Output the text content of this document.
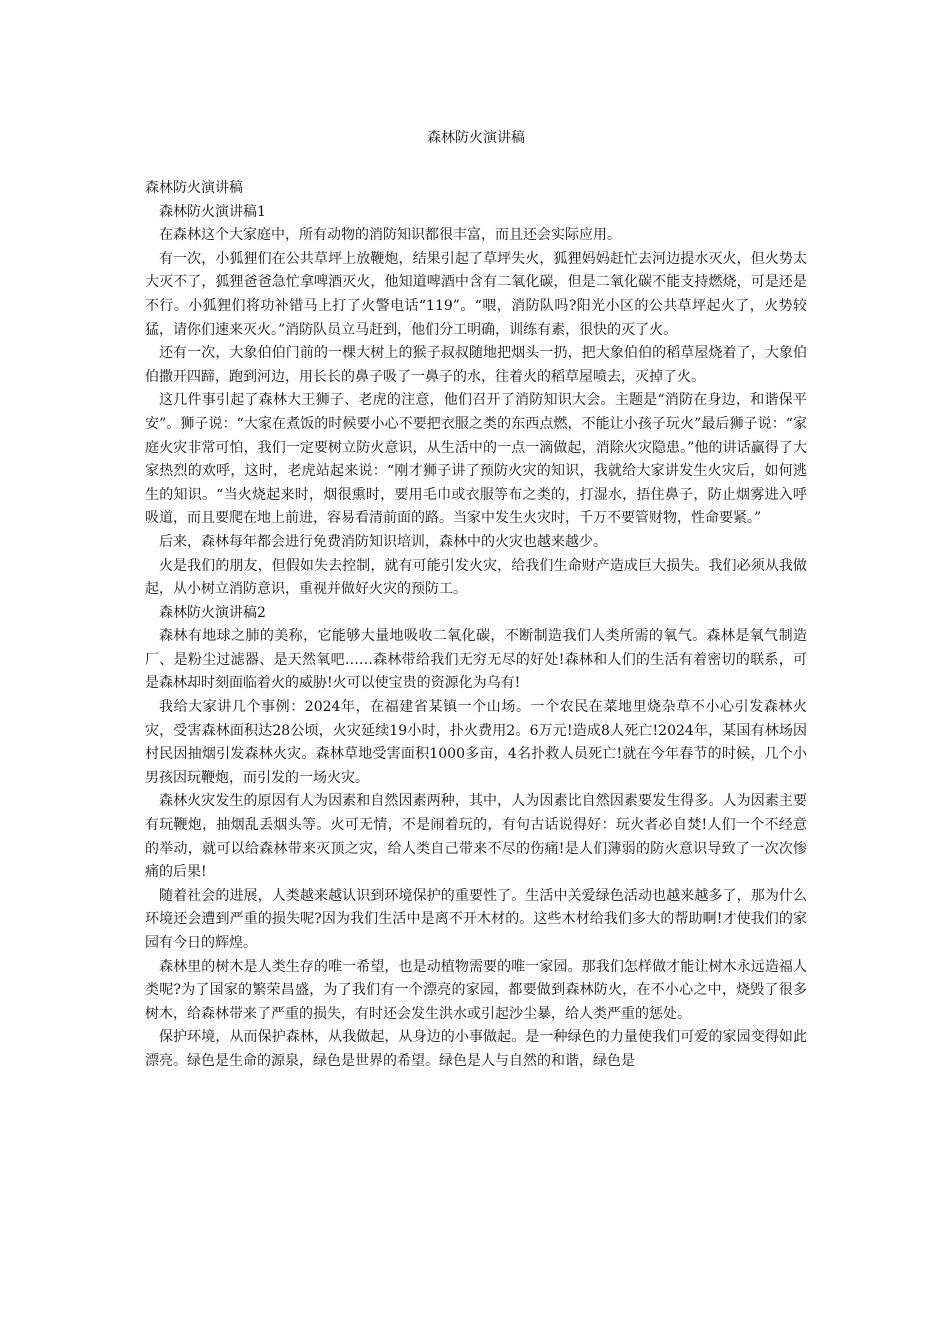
森林防火演讲稿

森林防火演讲稿

森林防火演讲稿1

在森林这个大家庭中，所有动物的消防知识都很丰富，而且还会实际应用。

有一次，小狐狸们在公共草坪上放鞭炮，结果引起了草坪失火，狐狸妈妈赶忙去河边提水灭火，但火势太大灭不了，狐狸爸爸急忙拿啤酒灭火，他知道啤酒中含有二氧化碳，但是二氧化碳不能支持燃烧，可是还是不行。小狐狸们将功补错马上打了火警电话“119”。“喂，消防队吗?阳光小区的公共草坪起火了，火势较猛，请你们速来灭火。”消防队员立马赶到，他们分工明确，训练有素，很快的灭了火。

还有一次，大象伯伯门前的一棵大树上的猴子叔叔随地把烟头一扔，把大象伯伯的稻草屋烧着了，大象伯伯撒开四蹄，跑到河边，用长长的鼻子吸了一鼻子的水，往着火的稻草屋喷去，灭掉了火。

这几件事引起了森林大王狮子、老虎的注意，他们召开了消防知识大会。主题是“消防在身边，和谐保平安”。狮子说：“大家在煮饭的时候要小心不要把衣服之类的东西点燃，不能让小孩子玩火”最后狮子说：“家庭火灾非常可怕，我们一定要树立防火意识，从生活中的一点一滴做起，消除火灾隐患。”他的讲话赢得了大家热烈的欢呼，这时，老虎站起来说：“刚才狮子讲了预防火灾的知识，我就给大家讲发生火灾后，如何逃生的知识。“当火烧起来时，烟很熏时，要用毛巾或衣服等布之类的，打湿水，捂住鼻子，防止烟雾进入呼吸道，而且要爬在地上前进，容易看清前面的路。当家中发生火灾时，千万不要管财物，性命要紧。”

后来，森林每年都会进行免费消防知识培训，森林中的火灾也越来越少。

火是我们的朋友，但假如失去控制，就有可能引发火灾，给我们生命财产造成巨大损失。我们必须从我做起，从小树立消防意识，重视并做好火灾的预防工。

森林防火演讲稿2

森林有地球之肺的美称，它能够大量地吸收二氧化碳，不断制造我们人类所需的氧气。森林是氧气制造厂、是粉尘过滤器、是天然氧吧……森林带给我们无穷无尽的好处!森林和人们的生活有着密切的联系，可是森林却时刻面临着火的威胁!火可以使宝贵的资源化为乌有!

我给大家讲几个事例：2024年，在福建省某镇一个山场。一个农民在菜地里烧杂草不小心引发森林火灾，受害森林面积达28公顷，火灾延续19小时，扑火费用2。6万元!造成8人死亡!2024年，某国有林场因村民因抽烟引发森林火灾。森林草地受害面积1000多亩，4名扑救人员死亡!就在今年春节的时候，几个小男孩因玩鞭炮，而引发的一场火灾。

森林火灾发生的原因有人为因素和自然因素两种，其中，人为因素比自然因素要发生得多。人为因素主要有玩鞭炮，抽烟乱丢烟头等。火可无情，不是闹着玩的，有句古话说得好：玩火者必自焚!人们一个不经意的举动，就可以给森林带来灭顶之灾，给人类自己带来不尽的伤痛!是人们薄弱的防火意识导致了一次次惨痛的后果!

随着社会的进展，人类越来越认识到环境保护的重要性了。生活中关爱绿色活动也越来越多了，那为什么环境还会遭到严重的损失呢?因为我们生活中是离不开木材的。这些木材给我们多大的帮助啊!才使我们的家园有今日的辉煌。

森林里的树木是人类生存的唯一希望，也是动植物需要的唯一家园。那我们怎样做才能让树木永远造福人类呢?为了国家的繁荣昌盛，为了我们有一个漂亮的家园，都要做到森林防火，在不小心之中，烧毁了很多树木，给森林带来了严重的损失，有时还会发生洪水或引起沙尘暴，给人类严重的惩处。

保护环境，从而保护森林，从我做起，从身边的小事做起。是一种绿色的力量使我们可爱的家园变得如此漂亮。绿色是生命的源泉，绿色是世界的希望。绿色是人与自然的和谐，绿色是
